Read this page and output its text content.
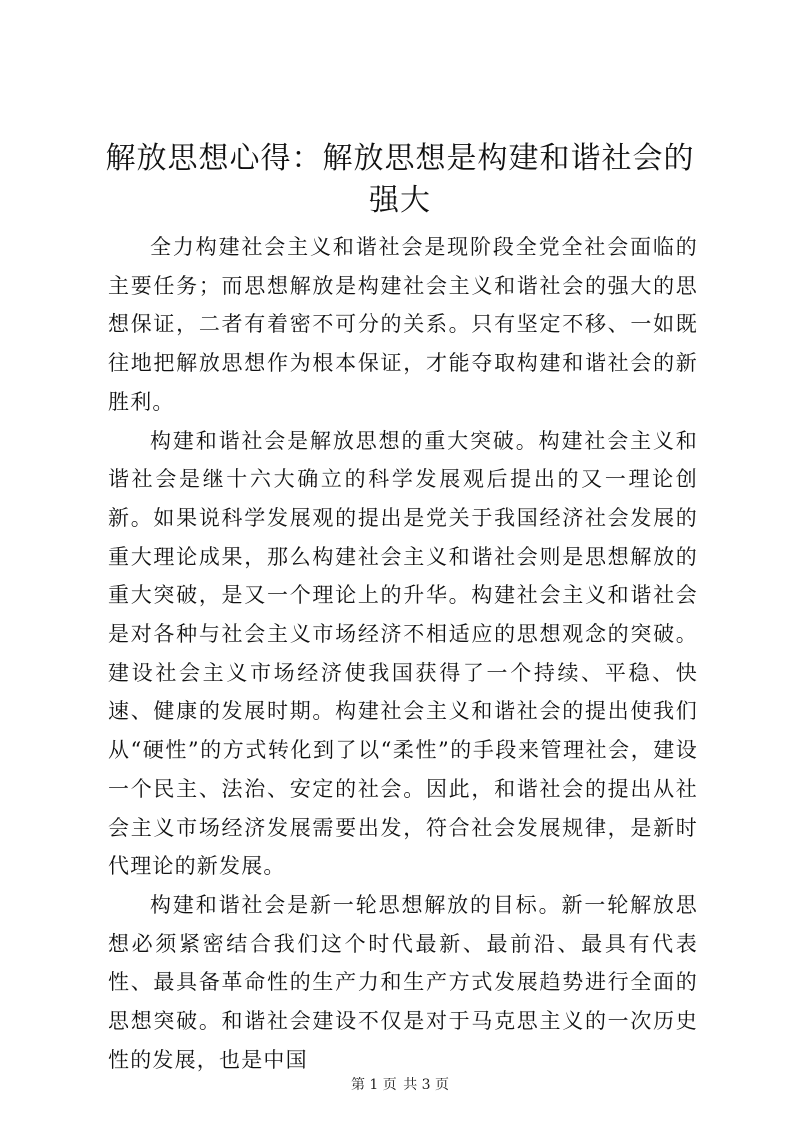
解放思想心得：解放思想是构建和谐社会的强大

全力构建社会主义和谐社会是现阶段全党全社会面临的主要任务；而思想解放是构建社会主义和谐社会的强大的思想保证，二者有着密不可分的关系。只有坚定不移、一如既往地把解放思想作为根本保证，才能夺取构建和谐社会的新胜利。

构建和谐社会是解放思想的重大突破。构建社会主义和谐社会是继十六大确立的科学发展观后提出的又一理论创新。如果说科学发展观的提出是党关于我国经济社会发展的重大理论成果，那么构建社会主义和谐社会则是思想解放的重大突破，是又一个理论上的升华。构建社会主义和谐社会是对各种与社会主义市场经济不相适应的思想观念的突破。建设社会主义市场经济使我国获得了一个持续、平稳、快速、健康的发展时期。构建社会主义和谐社会的提出使我们从“硬性”的方式转化到了以“柔性”的手段来管理社会，建设一个民主、法治、安定的社会。因此，和谐社会的提出从社会主义市场经济发展需要出发，符合社会发展规律，是新时代理论的新发展。

构建和谐社会是新一轮思想解放的目标。新一轮解放思想必须紧密结合我们这个时代最新、最前沿、最具有代表性、最具备革命性的生产力和生产方式发展趋势进行全面的思想突破。和谐社会建设不仅是对于马克思主义的一次历史性的发展，也是中国

第 1 页 共 3 页
